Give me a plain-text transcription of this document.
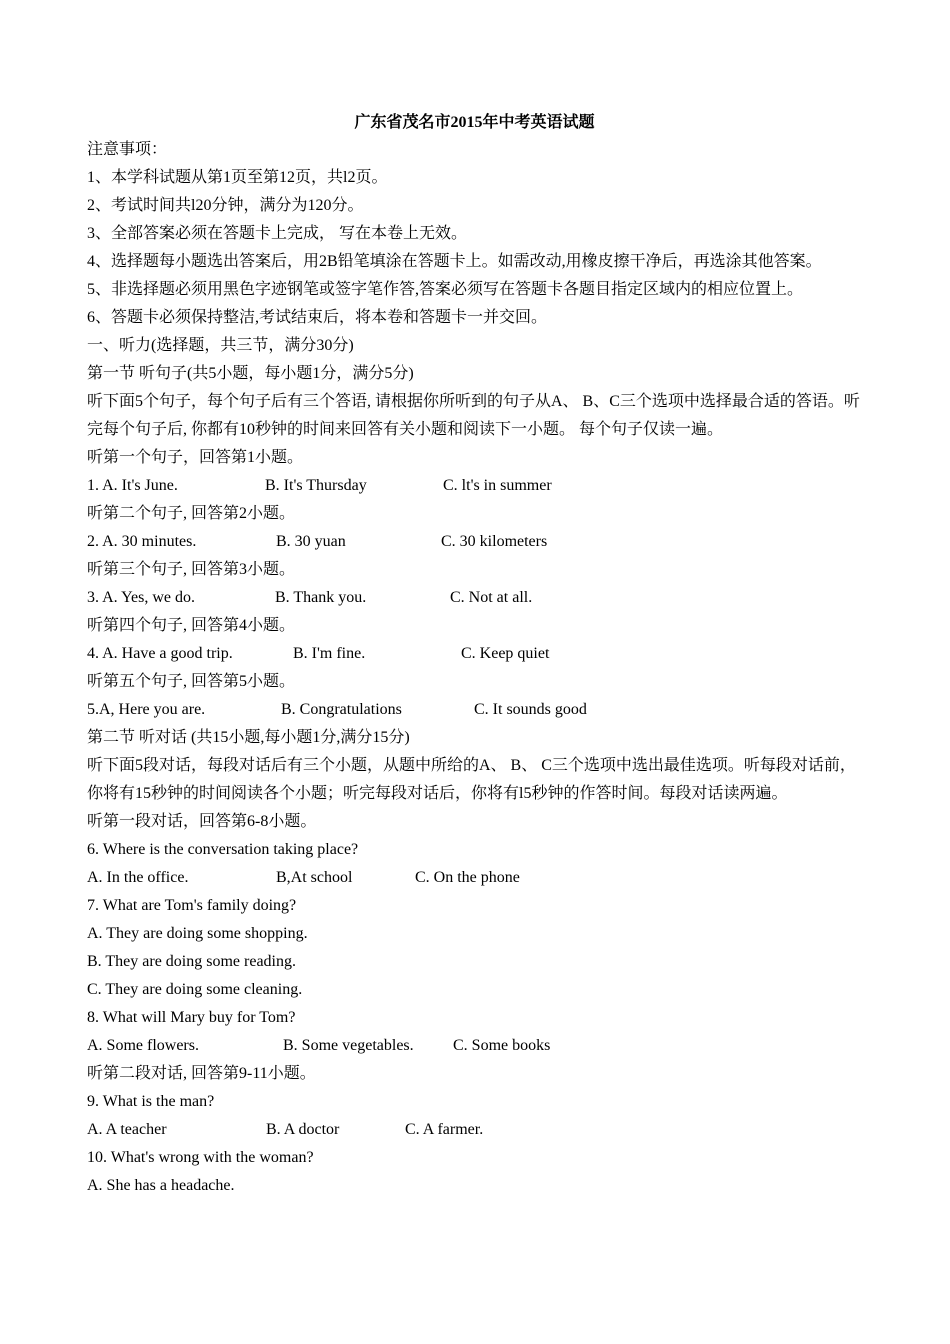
广东省茂名市2015年中考英语试题
注意事项：
1、本学科试题从第1页至第12页，共l2页。
2、考试时间共l20分钟，满分为120分。
3、全部答案必须在答题卡上完成， 写在本卷上无效。
4、选择题每小题选出答案后，用2B铅笔填涂在答题卡上。如需改动,用橡皮擦干净后，再选涂其他答案。
5、非选择题必须用黑色字迹钢笔或签字笔作答,答案必须写在答题卡各题目指定区域内的相应位置上。
6、答题卡必须保持整洁,考试结束后，将本卷和答题卡一并交回。
一、听力(选择题，共三节，满分30分)
第一节 听句子(共5小题，每小题1分，满分5分)
听下面5个句子，每个句子后有三个答语, 请根据你所听到的句子从A、 B、C三个选项中选择最合适的答语。听完每个句子后, 你都有10秒钟的时间来回答有关小题和阅读下一小题。 每个句子仅读一遍。
听第一个句子，回答第1小题。
1. A. It's June.	B. It's Thursday	C. lt's in summer
听第二个句子, 回答第2小题。
2. A. 30 minutes.	B. 30 yuan	C. 30 kilometers
听第三个句子, 回答第3小题。
3. A. Yes, we do.	B. Thank you.	C. Not at all.
听第四个句子, 回答第4小题。
4. A. Have a good trip.	B. I'm fine.	C. Keep quiet
听第五个句子, 回答第5小题。
5.A, Here you are.	B. Congratulations	C. It sounds good
第二节 听对话 (共15小题,每小题1分,满分15分)
听下面5段对话，每段对话后有三个小题，从题中所给的A、 B、 C三个选项中选出最佳选项。听每段对话前，你将有15秒钟的时间阅读各个小题；听完每段对话后，你将有l5秒钟的作答时间。每段对话读两遍。
听第一段对话，回答第6-8小题。
6. Where is the conversation taking place?
A. In the office.	B,At school	C. On the phone
7. What are Tom's family doing?
A. They are doing some shopping.
B. They are doing some reading.
C. They are doing some cleaning.
8. What will Mary buy for Tom?
A. Some flowers.	B. Some vegetables. C. Some books
听第二段对话, 回答第9-11小题。
9. What is the man?
A. A teacher	B. A doctor	C. A farmer.
10. What's wrong with the woman?
A. She has a headache.
